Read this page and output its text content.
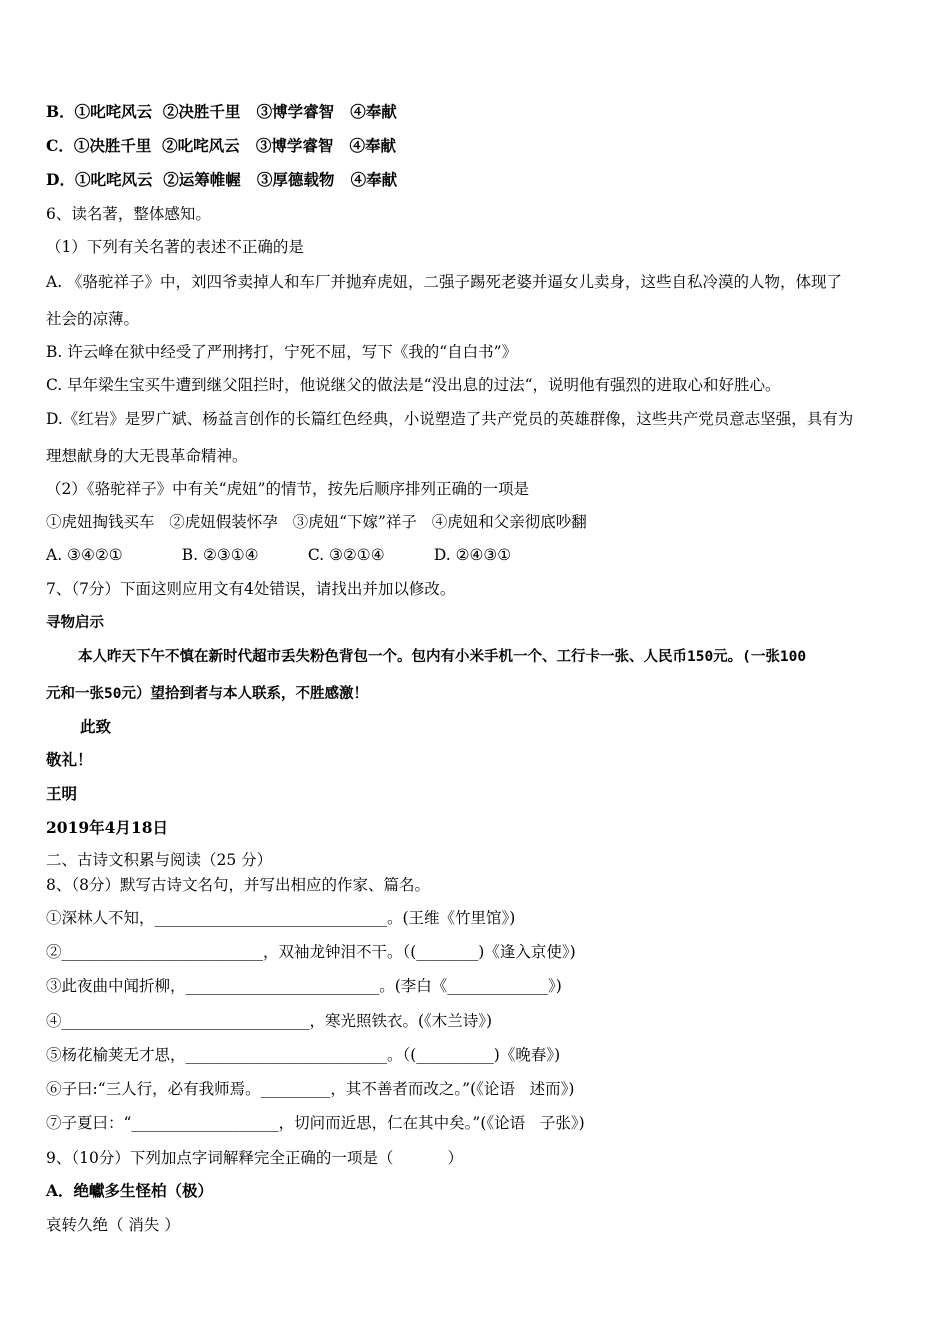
B．①叱咤风云  ②决胜千里   ③博学睿智   ④奉献
C．①决胜千里  ②叱咤风云   ③博学睿智   ④奉献
D．①叱咤风云  ②运筹帷幄   ③厚德载物   ④奉献
6、读名著，整体感知。
（1）下列有关名著的表述不正确的是
A. 《骆驼祥子》中，刘四爷卖掉人和车厂并抛弃虎妞，二强子踢死老婆并逼女儿卖身，这些自私冷漠的人物，体现了
社会的凉薄。
B. 许云峰在狱中经受了严刑拷打，宁死不屈，写下《我的“自白书”》
C. 早年梁生宝买牛遭到继父阻拦时，他说继父的做法是“没出息的过法“，说明他有强烈的进取心和好胜心。
D.《红岩》是罗广斌、杨益言创作的长篇红色经典，小说塑造了共产党员的英雄群像，这些共产党员意志坚强，具有为
理想献身的大无畏革命精神。
（2）《骆驼祥子》中有关“虎妞”的情节，按先后顺序排列正确的一项是
①虎妞掏钱买车   ②虎妞假装怀孕   ③虎妞“下嫁”祥子   ④虎妞和父亲彻底吵翻
A. ③④②①            B. ②③①④          C. ③②①④          D. ②④③①
7、（7分）下面这则应用文有4处错误，请找出并加以修改。
寻物启示
本人昨天下午不慎在新时代超市丢失粉色背包一个。包内有小米手机一个、工行卡一张、人民币150元。(一张100
元和一张50元）望拾到者与本人联系，不胜感激！
此致
敬礼！
王明
2019年4月18日
二、古诗文积累与阅读（25 分）
8、（8分）默写古诗文名句，并写出相应的作家、篇名。
①深林人不知，______________________________。(王维《竹里馆》)
②__________________________，双袖龙钟泪不干。（(________)《逢入京使》)
③此夜曲中闻折柳，_________________________。(李白《_____________》)
④________________________________，寒光照铁衣。(《木兰诗》)
⑤杨花榆荚无才思，__________________________。（(__________)《晚春》)
⑥子曰:“三人行，必有我师焉。_________，其不善者而改之。”(《论语   述而》)
⑦子夏曰：“___________________，切问而近思，仁在其中矣。”(《论语   子张》)
9、（10分）下列加点字词解释完全正确的一项是（           ）
A．绝巘多生怪柏（极）
哀转久绝（ 消失 ）
